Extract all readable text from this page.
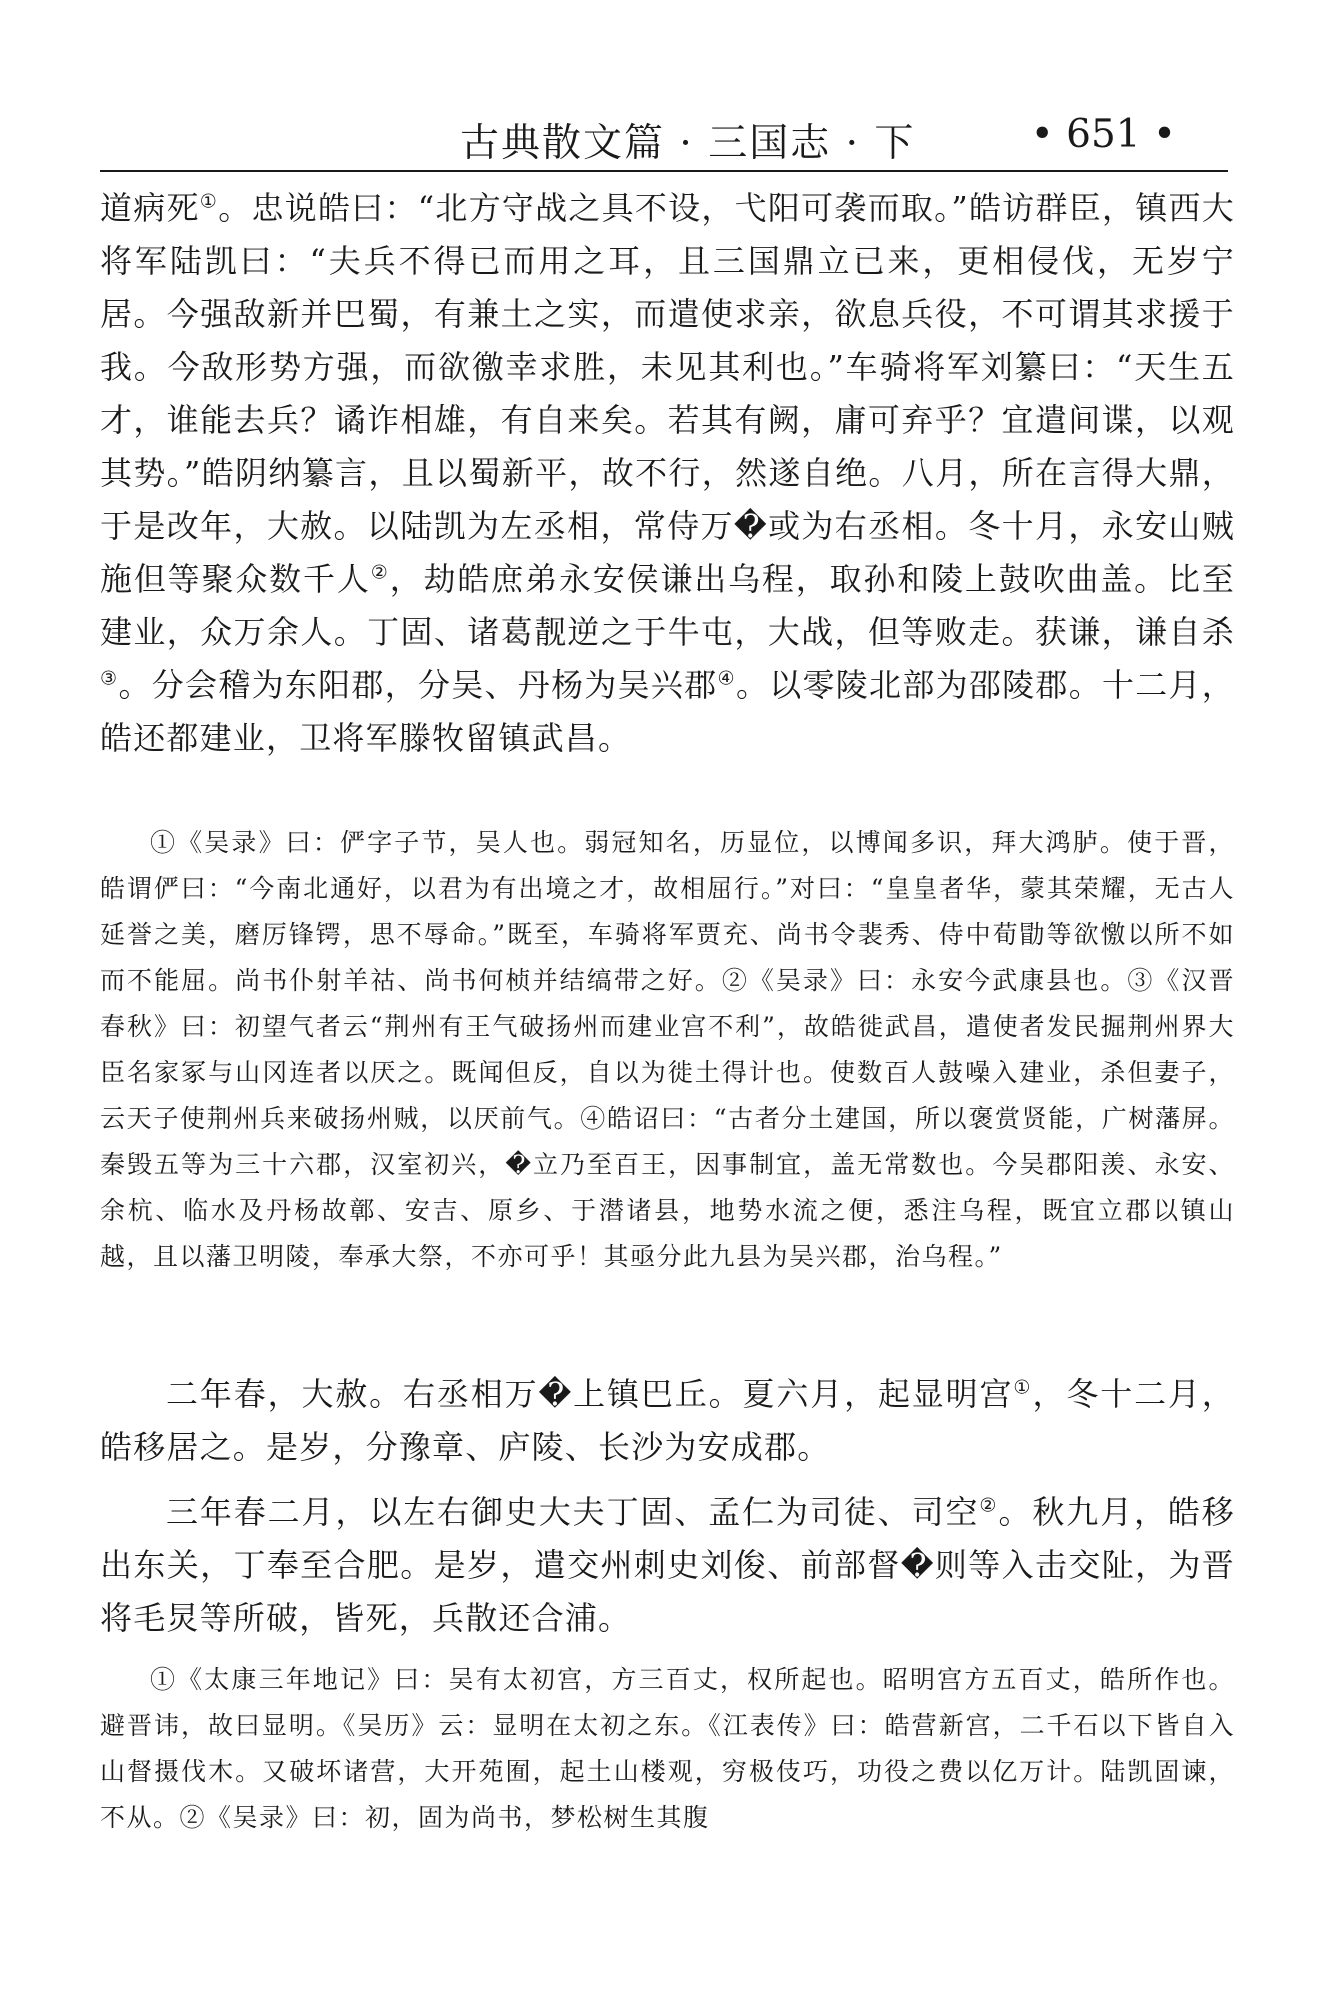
古典散文篇 · 三国志 · 下	• 651 •

道病死①。忠说皓曰：“北方守战之具不设，弋阳可袭而取。”皓访群臣，镇西大将军陆凯曰：“夫兵不得已而用之耳，且三国鼎立已来，更相侵伐，无岁宁居。今强敌新并巴蜀，有兼土之实，而遣使求亲，欲息兵役，不可谓其求援于我。今敌形势方强，而欲徼幸求胜，未见其利也。”车骑将军刘纂曰：“天生五才，谁能去兵？谲诈相雄，有自来矣。若其有阙，庸可弃乎？宜遣间谍，以观其势。”皓阴纳纂言，且以蜀新平，故不行，然遂自绝。八月，所在言得大鼎，于是改年，大赦。以陆凯为左丞相，常侍万�或为右丞相。冬十月，永安山贼施但等聚众数千人②，劫皓庶弟永安侯谦出乌程，取孙和陵上鼓吹曲盖。比至建业，众万余人。丁固、诸葛靓逆之于牛屯，大战，但等败走。获谦，谦自杀③。分会稽为东阳郡，分吴、丹杨为吴兴郡④。以零陵北部为邵陵郡。十二月，皓还都建业，卫将军滕牧留镇武昌。

①《吴录》曰：俨字子节，吴人也。弱冠知名，历显位，以博闻多识，拜大鸿胪。使于晋，皓谓俨曰：“今南北通好，以君为有出境之才，故相屈行。”对曰：“皇皇者华，蒙其荣耀，无古人延誉之美，磨厉锋锷，思不辱命。”既至，车骑将军贾充、尚书令裴秀、侍中荀勖等欲憿以所不如而不能屈。尚书仆射羊祜、尚书何桢并结缟带之好。②《吴录》曰：永安今武康县也。③《汉晋春秋》曰：初望气者云“荆州有王气破扬州而建业宫不利”，故皓徙武昌，遣使者发民掘荆州界大臣名家冢与山冈连者以厌之。既闻但反，自以为徙土得计也。使数百人鼓噪入建业，杀但妻子，云天子使荆州兵来破扬州贼，以厌前气。④皓诏曰：“古者分土建国，所以褒赏贤能，广树藩屏。秦毁五等为三十六郡，汉室初兴，�立乃至百王，因事制宜，盖无常数也。今吴郡阳羡、永安、余杭、临水及丹杨故鄣、安吉、原乡、于潜诸县，地势水流之便，悉注乌程，既宜立郡以镇山越，且以藩卫明陵，奉承大祭，不亦可乎！其亟分此九县为吴兴郡，治乌程。”

二年春，大赦。右丞相万�上镇巴丘。夏六月，起显明宫①，冬十二月，皓移居之。是岁，分豫章、庐陵、长沙为安成郡。

三年春二月，以左右御史大夫丁固、孟仁为司徒、司空②。秋九月，皓移出东关，丁奉至合肥。是岁，遣交州刺史刘俊、前部督�则等入击交阯，为晋将毛炅等所破，皆死，兵散还合浦。

①《太康三年地记》曰：吴有太初宫，方三百丈，权所起也。昭明宫方五百丈，皓所作也。避晋讳，故曰显明。《吴历》云：显明在太初之东。《江表传》曰：皓营新宫，二千石以下皆自入山督摄伐木。又破坏诸营，大开苑囿，起土山楼观，穷极伎巧，功役之费以亿万计。陆凯固谏，不从。②《吴录》曰：初，固为尚书，梦松树生其腹
